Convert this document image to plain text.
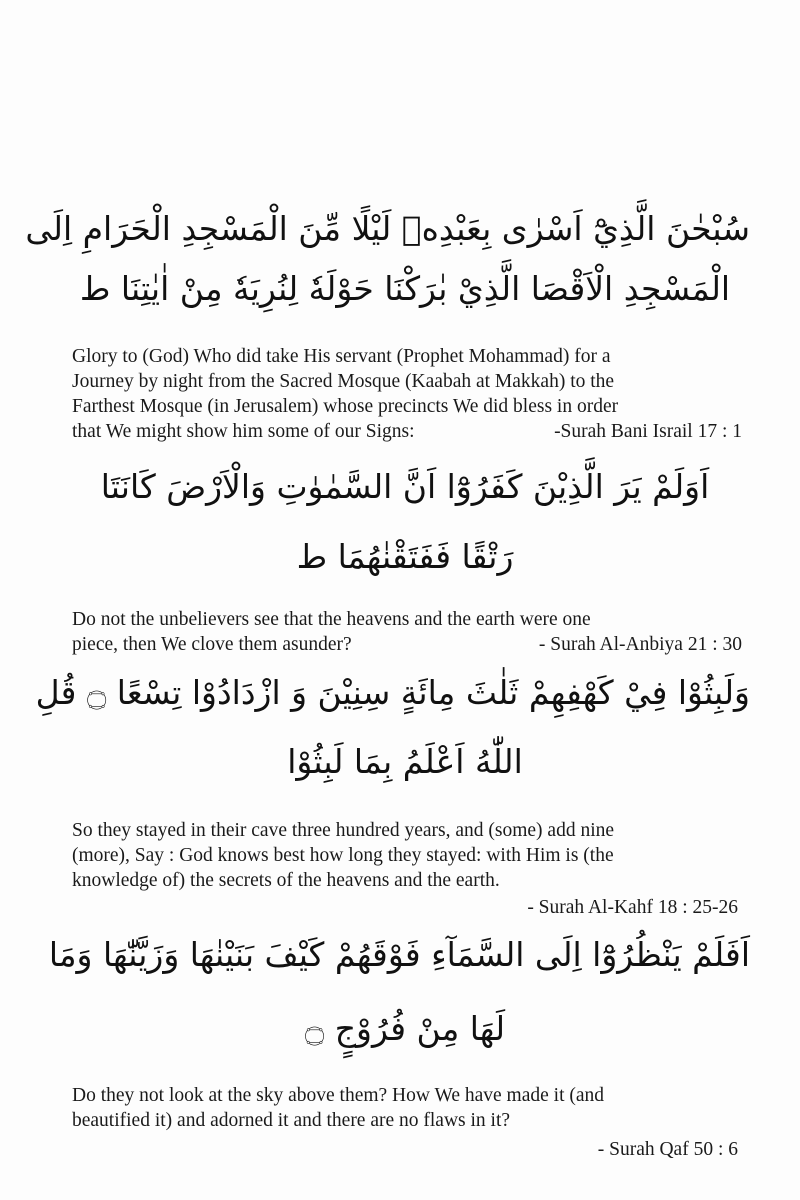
سُبْحٰنَ الَّذِيْٓ اَسْرٰى بِعَبْدِهٖ لَيْلًا مِّنَ الْمَسْجِدِ الْحَرَامِ اِلَى
الْمَسْجِدِ الْاَقْصَا الَّذِيْ بٰرَكْنَا حَوْلَهٗ لِنُرِيَهٗ مِنْ اٰيٰتِنَا ط
Glory to (God) Who did take His servant (Prophet Mohammad) for a
Journey by night from the Sacred Mosque (Kaabah at Makkah) to the
Farthest Mosque (in Jerusalem) whose precincts We did bless in order
that We might show him some of our Signs:	-Surah Bani Israil 17 : 1
اَوَلَمْ يَرَ الَّذِيْنَ كَفَرُوْٓا اَنَّ السَّمٰوٰتِ وَالْاَرْضَ كَانَتَا
رَتْقًا فَفَتَقْنٰهُمَا ط
Do not the unbelievers see that the heavens and the earth were one
piece, then We clove them asunder?	- Surah Al-Anbiya 21 : 30
وَلَبِثُوْا فِيْ كَهْفِهِمْ ثَلٰثَ مِائَةٍ سِنِيْنَ وَ ازْدَادُوْا تِسْعًا ۝ قُلِ
اللّٰهُ اَعْلَمُ بِمَا لَبِثُوْا
So they stayed in their cave three hundred years, and (some) add nine
(more), Say : God knows best how long they stayed: with Him is (the
knowledge of) the secrets of the heavens and the earth.
- Surah Al-Kahf 18 : 25-26
اَفَلَمْ يَنْظُرُوْٓا اِلَى السَّمَآءِ فَوْقَهُمْ كَيْفَ بَنَيْنٰهَا وَزَيَّنّٰهَا وَمَا
لَهَا مِنْ فُرُوْجٍ ۝
Do they not look at the sky above them? How We have made it (and
beautified it) and adorned it and there are no flaws in it?
- Surah Qaf 50 : 6
